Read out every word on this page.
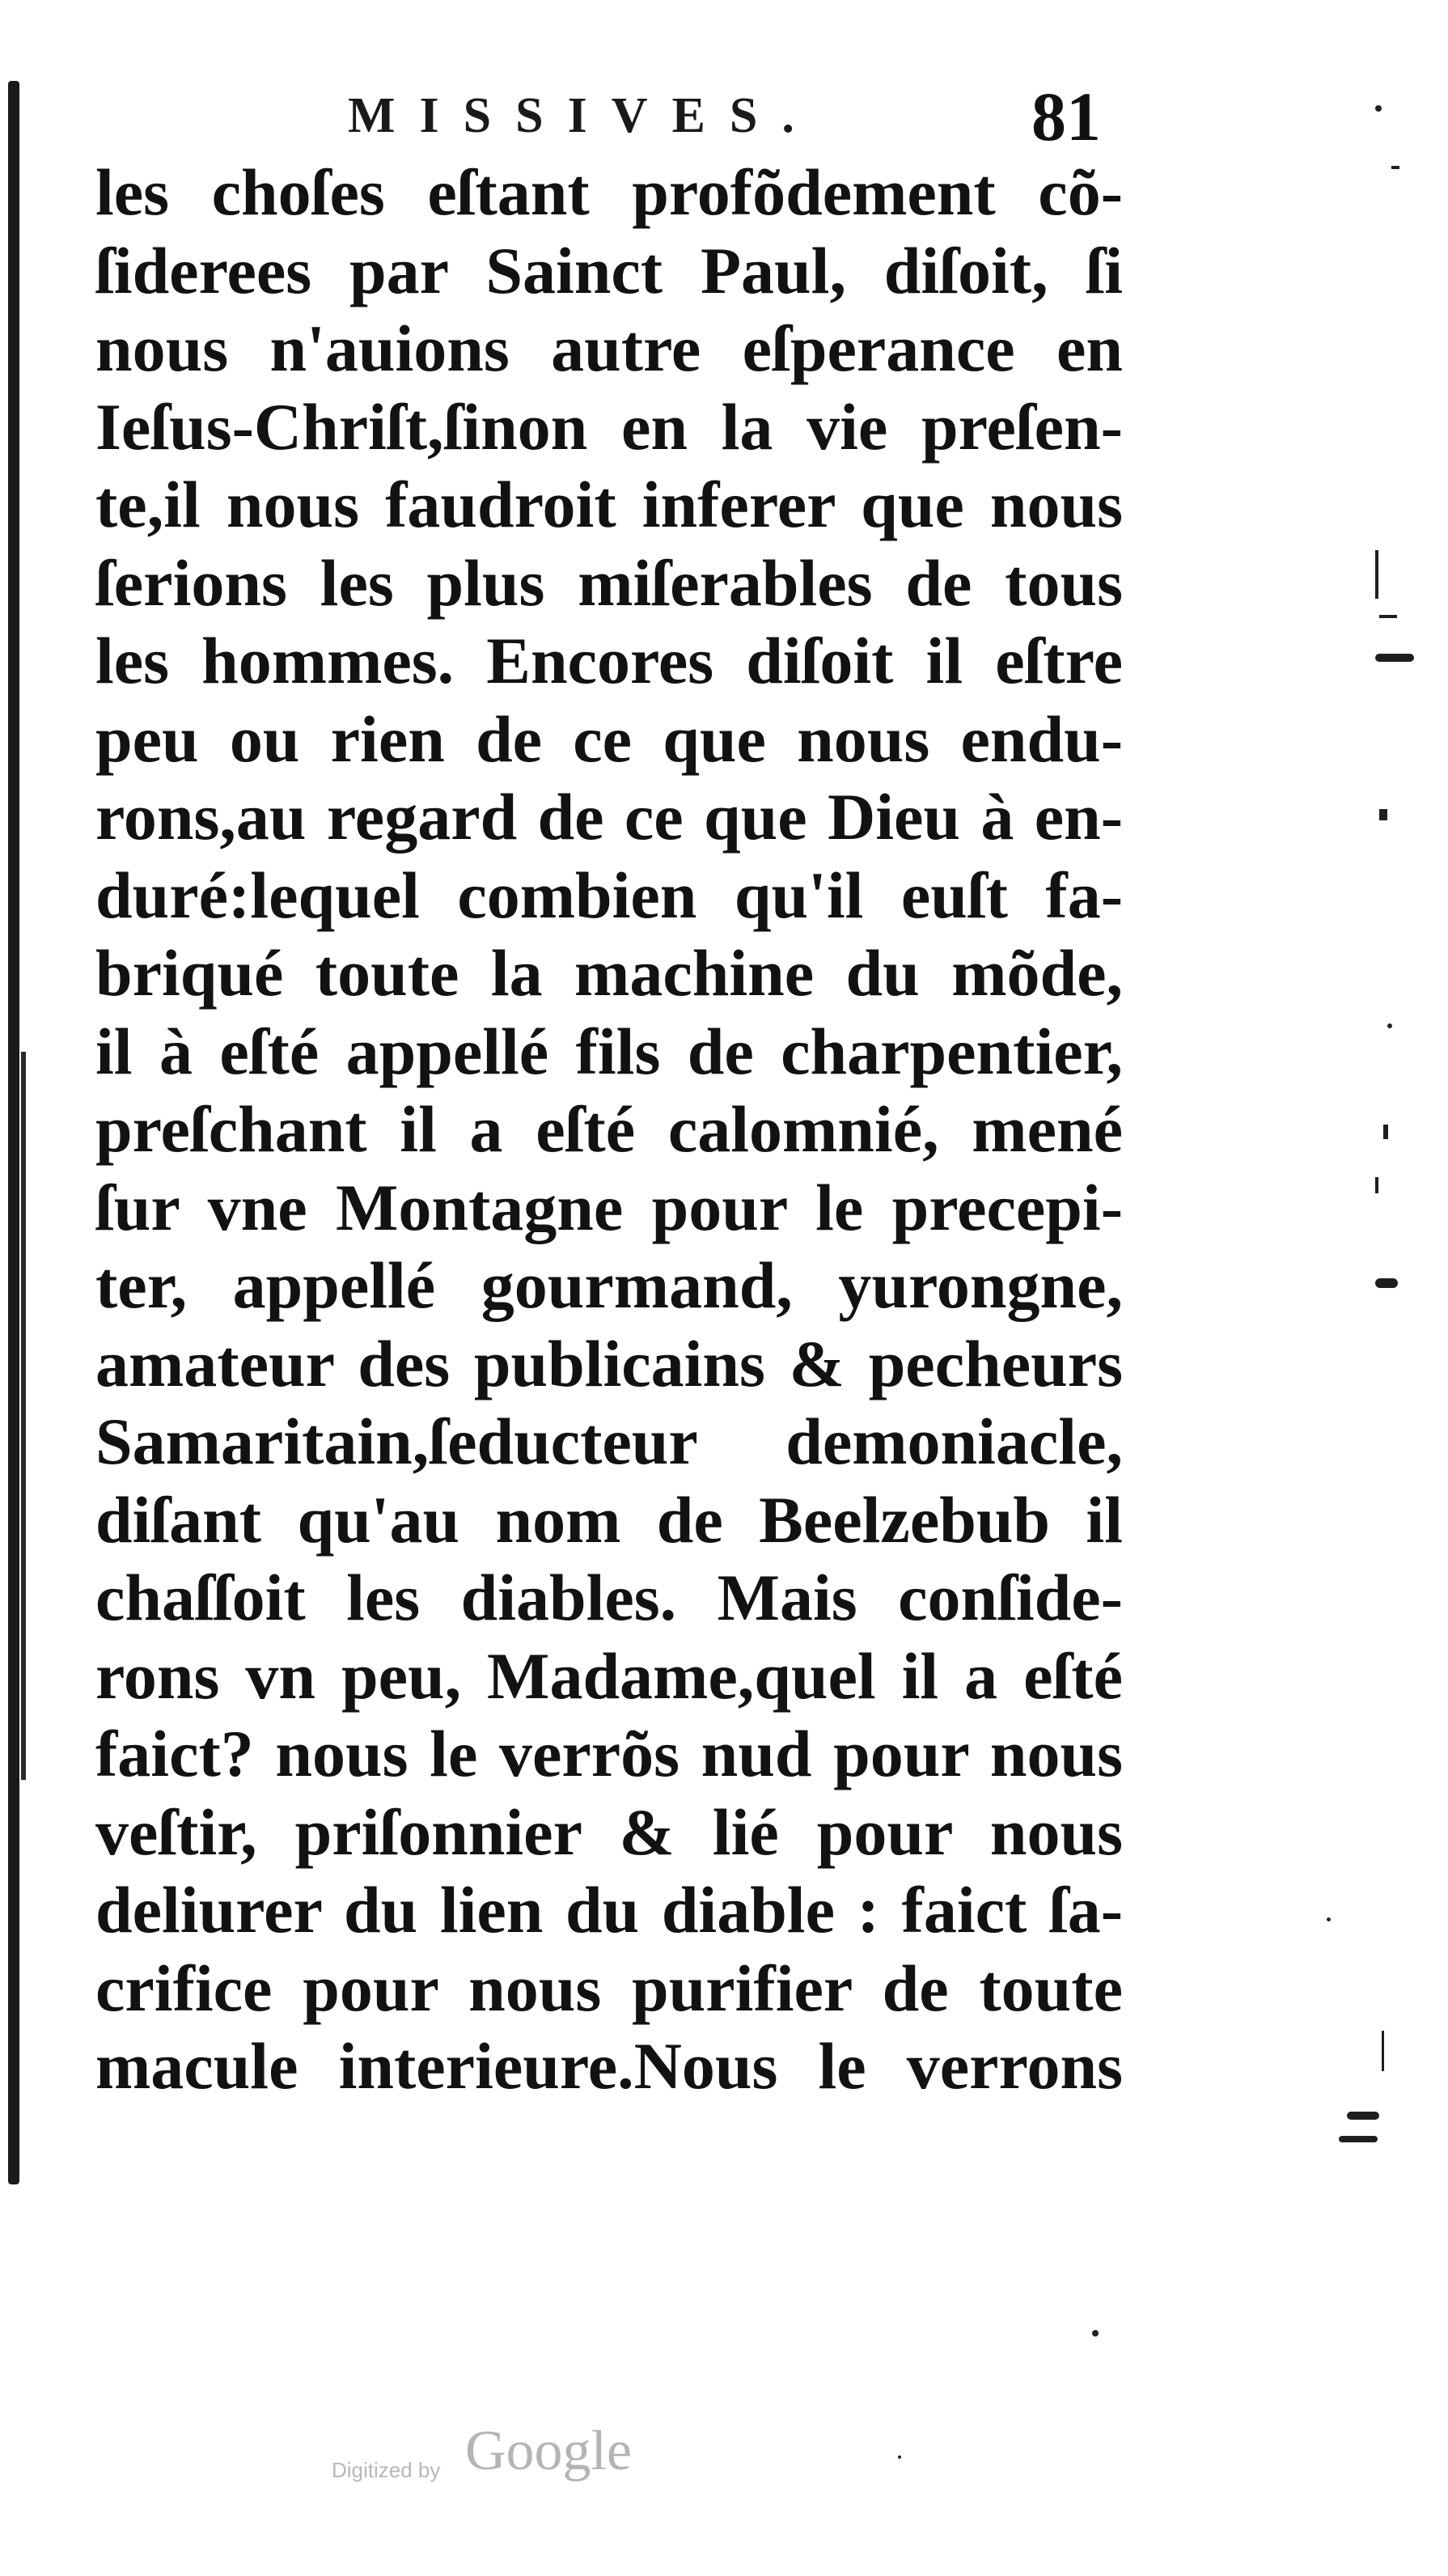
MISSIVES.	81
les choſes eſtant profõdement cõ-
ſiderees par Sainct Paul, diſoit, ſi
nous n'auions autre eſperance en
Ieſus-Chriſt,ſinon en la vie preſen-
te,il nous faudroit inferer que nous
ſerions les plus miſerables de tous
les hommes. Encores diſoit il eſtre
peu ou rien de ce que nous endu-
rons,au regard de ce que Dieu à en-
duré:lequel combien qu'il euſt fa-
briqué toute la machine du mõde,
il à eſté appellé fils de charpentier,
preſchant il a eſté calomnié, mené
ſur vne Montagne pour le precepi-
ter, appellé gourmand, yurongne,
amateur des publicains & pecheurs
Samaritain,ſeducteur demoniacle,
diſant qu'au nom de Beelzebub il
chaſſoit les diables. Mais conſide-
rons vn peu, Madame,quel il a eſté
faict? nous le verrõs nud pour nous
veſtir, priſonnier & lié pour nous
deliurer du lien du diable : faict ſa-
crifice pour nous purifier de toute
macule interieure.Nous le verrons
Digitized by Google
